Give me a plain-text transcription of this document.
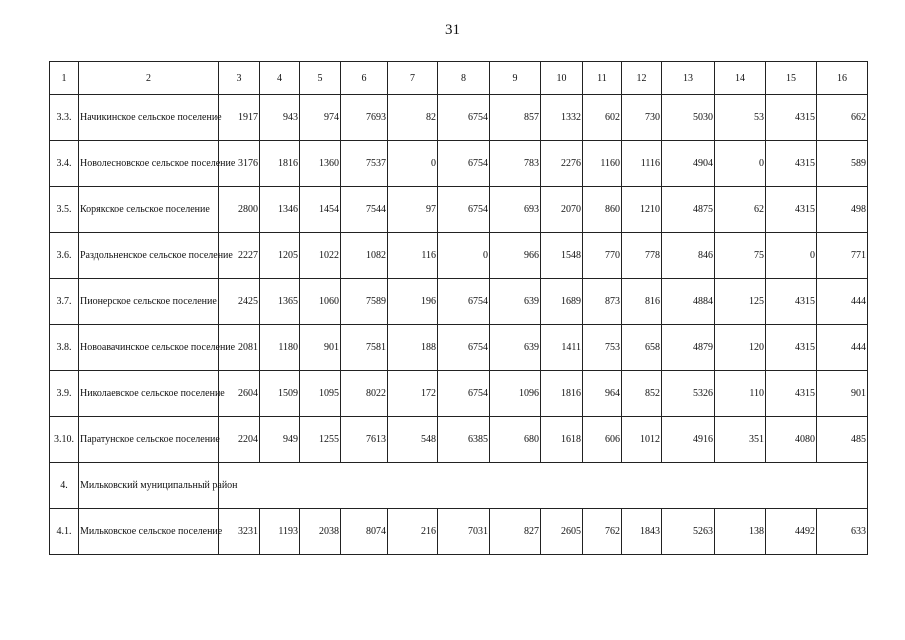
31
1	2	3	4	5	6	7	8	9	10	11	12	13	14	15	16
3.3.	Начикинское сельское поселение	1917	943	974	7693	82	6754	857	1332	602	730	5030	53	4315	662
3.4.	Новолесновское сельское поселение	3176	1816	1360	7537	0	6754	783	2276	1160	1116	4904	0	4315	589
3.5.	Корякское сельское поселение	2800	1346	1454	7544	97	6754	693	2070	860	1210	4875	62	4315	498
3.6.	Раздольненское сельское поселение	2227	1205	1022	1082	116	0	966	1548	770	778	846	75	0	771
3.7.	Пионерское сельское поселение	2425	1365	1060	7589	196	6754	639	1689	873	816	4884	125	4315	444
3.8.	Новоавачинское сельское поселение	2081	1180	901	7581	188	6754	639	1411	753	658	4879	120	4315	444
3.9.	Николаевское сельское поселение	2604	1509	1095	8022	172	6754	1096	1816	964	852	5326	110	4315	901
3.10.	Паратунское сельское поселение	2204	949	1255	7613	548	6385	680	1618	606	1012	4916	351	4080	485
4.	Мильковский муниципальный район														
4.1.	Мильковское сельское поселение	3231	1193	2038	8074	216	7031	827	2605	762	1843	5263	138	4492	633
